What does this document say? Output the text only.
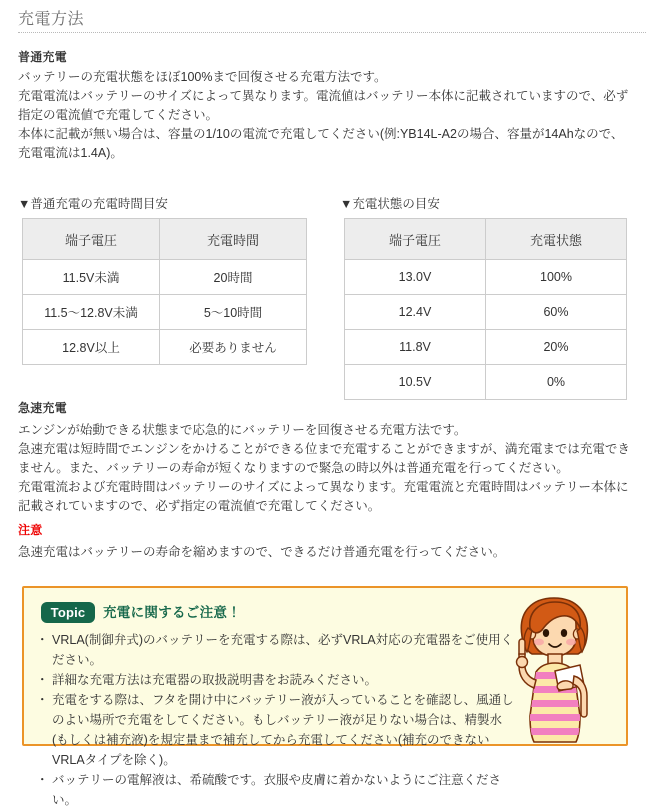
充電方法
普通充電

バッテリーの充電状態をほぼ100%まで回復させる充電方法です。

充電電流はバッテリーのサイズによって異なります。電流値はバッテリー本体に記載されていますので、必ず指定の電流値で充電してください。

本体に記載が無い場合は、容量の1/10の電流で充電してください(例:YB14L-A2の場合、容量が14Ahなので、充電電流は1.4A)。

▼普通充電の充電時間目安
端子電圧	充電時間
11.5V未満	20時間
11.5～12.8V未満	5～10時間
12.8V以上	必要ありません
▼充電状態の目安
端子電圧	充電状態
13.0V	100%
12.4V	60%
11.8V	20%
10.5V	0%
急速充電

エンジンが始動できる状態まで応急的にバッテリーを回復させる充電方法です。

急速充電は短時間でエンジンをかけることができる位まで充電することができますが、満充電までは充電できません。また、バッテリーの寿命が短くなりますので緊急の時以外は普通充電を行ってください。

充電電流および充電時間はバッテリーのサイズによって異なります。充電電流と充電時間はバッテリー本体に記載されていますので、必ず指定の電流値で充電してください。

注意

急速充電はバッテリーの寿命を縮めますので、できるだけ普通充電を行ってください。

Topic	充電に関するご注意！
・ VRLA(制御弁式)のバッテリーを充電する際は、必ずVRLA対応の充電器をご使用ください。
・ 詳細な充電方法は充電器の取扱説明書をお読みください。
・ 充電をする際は、フタを開け中にバッテリー液が入っていることを確認し、風通しのよい場所で充電をしてください。もしバッテリー液が足りない場合は、精製水(もしくは補充液)を規定量まで補充してから充電してください(補充のできないVRLAタイプを除く)。
・ バッテリーの電解液は、希硫酸です。衣服や皮膚に着かないようにご注意ください。
